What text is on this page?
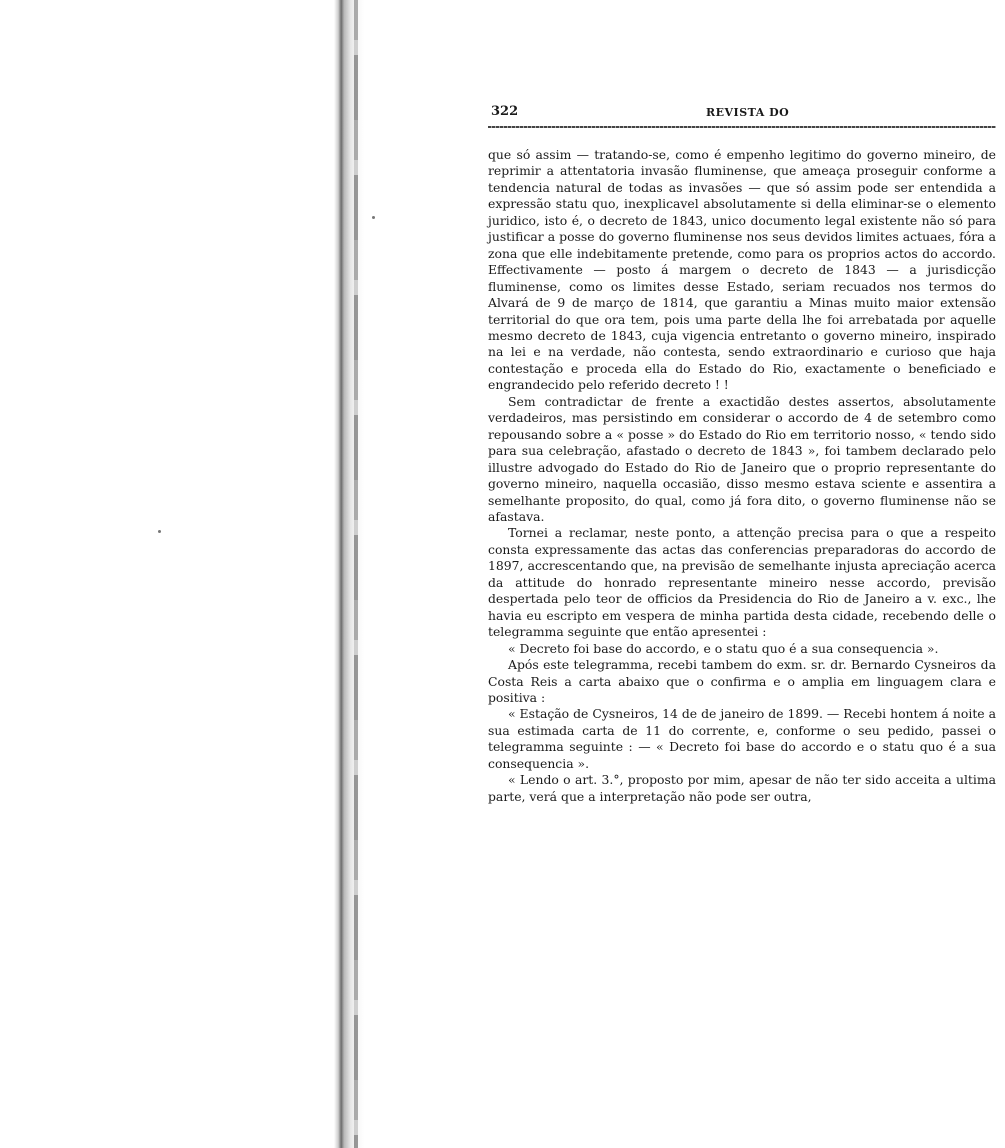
322	REVISTA DO

que só assim — tratando-se, como é empenho legitimo do governo mineiro, de reprimir a attentatoria invasão fluminense, que ameaça proseguir conforme a tendencia natural de todas as invasões — que só assim pode ser entendida a expressão statu quo, inexplicavel absolutamente si della eliminar-se o elemento juridico, isto é, o decreto de 1843, unico documento legal existente não só para justificar a posse do governo fluminense nos seus devidos limites actuaes, fóra a zona que elle indebitamente pretende, como para os proprios actos do accordo. Effectivamente — posto á margem o decreto de 1843 — a jurisdicção fluminense, como os limites desse Estado, seriam recuados nos termos do Alvará de 9 de março de 1814, que garantiu a Minas muito maior extensão territorial do que ora tem, pois uma parte della lhe foi arrebatada por aquelle mesmo decreto de 1843, cuja vigencia entretanto o governo mineiro, inspirado na lei e na verdade, não contesta, sendo extraordinario e curioso que haja contestação e proceda ella do Estado do Rio, exactamente o beneficiado e engrandecido pelo referido decreto ! !

Sem contradictar de frente a exactidão destes assertos, absolutamente verdadeiros, mas persistindo em considerar o accordo de 4 de setembro como repousando sobre a « posse » do Estado do Rio em territorio nosso, « tendo sido para sua celebração, afastado o decreto de 1843 », foi tambem declarado pelo illustre advogado do Estado do Rio de Janeiro que o proprio representante do governo mineiro, naquella occasião, disso mesmo estava sciente e assentira a semelhante proposito, do qual, como já fora dito, o governo fluminense não se afastava.

Tornei a reclamar, neste ponto, a attenção precisa para o que a respeito consta expressamente das actas das conferencias preparadoras do accordo de 1897, accrescentando que, na previsão de semelhante injusta apreciação acerca da attitude do honrado representante mineiro nesse accordo, previsão despertada pelo teor de officios da Presidencia do Rio de Janeiro a v. exc., lhe havia eu escripto em vespera de minha partida desta cidade, recebendo delle o telegramma seguinte que então apresentei :

« Decreto foi base do accordo, e o statu quo é a sua consequencia ».

Após este telegramma, recebi tambem do exm. sr. dr. Bernardo Cysneiros da Costa Reis a carta abaixo que o confirma e o amplia em linguagem clara e positiva :

« Estação de Cysneiros, 14 de de janeiro de 1899. — Recebi hontem á noite a sua estimada carta de 11 do corrente, e, conforme o seu pedido, passei o telegramma seguinte : — « Decreto foi base do accordo e o statu quo é a sua consequencia ».

« Lendo o art. 3.°, proposto por mim, apesar de não ter sido acceita a ultima parte, verá que a interpretação não pode ser outra,
